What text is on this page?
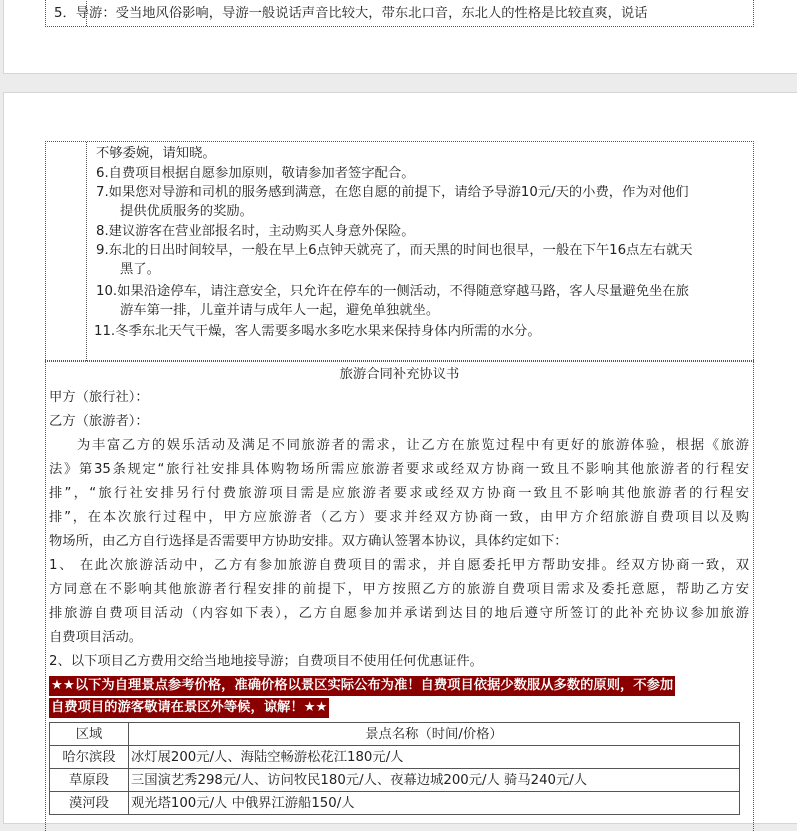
5．导游：受当地风俗影响，导游一般说话声音比较大，带东北口音，东北人的性格是比较直爽，说话
不够委婉，请知晓。
6.自费项目根据自愿参加原则，敬请参加者签字配合。
7.如果您对导游和司机的服务感到满意，在您自愿的前提下，请给予导游10元/天的小费，作为对他们
提供优质服务的奖励。
8.建议游客在营业部报名时，主动购买人身意外保险。
9.东北的日出时间较早，一般在早上6点钟天就亮了，而天黑的时间也很早，一般在下午16点左右就天
黑了。
10.如果沿途停车，请注意安全，只允许在停车的一侧活动，不得随意穿越马路，客人尽量避免坐在旅
游车第一排，儿童并请与成年人一起，避免单独就坐。
11.冬季东北天气干燥，客人需要多喝水多吃水果来保持身体内所需的水分。
旅游合同补充协议书
甲方（旅行社）：
乙方（旅游者）：
为丰富乙方的娱乐活动及满足不同旅游者的需求，让乙方在旅览过程中有更好的旅游体验，根据《旅游
法》第35条规定“旅行社安排具体购物场所需应旅游者要求或经双方协商一致且不影响其他旅游者的行程安
排”，“旅行社安排另行付费旅游项目需是应旅游者要求或经双方协商一致且不影响其他旅游者的行程安
排”，在本次旅行过程中，甲方应旅游者（乙方）要求并经双方协商一致，由甲方介绍旅游自费项目以及购
物场所，由乙方自行选择是否需要甲方协助安排。双方确认签署本协议，具体约定如下：
1、 在此次旅游活动中，乙方有参加旅游自费项目的需求，并自愿委托甲方帮助安排。经双方协商一致，双
方同意在不影响其他旅游者行程安排的前提下，甲方按照乙方的旅游自费项目需求及委托意愿，帮助乙方安
排旅游自费项目活动（内容如下表），乙方自愿参加并承诺到达目的地后遵守所签订的此补充协议参加旅游
自费项目活动。
2、以下项目乙方费用交给当地地接导游；自费项目不使用任何优惠证件。
★★以下为自理景点参考价格，准确价格以景区实际公布为准！自费项目依据少数服从多数的原则，不参加
自费项目的游客敬请在景区外等候，谅解！★★
区域	景点名称（时间/价格）
哈尔滨段	冰灯展200元/人、海陆空畅游松花江180元/人
草原段	三国演艺秀298元/人、访问牧民180元/人、夜幕边城200元/人 骑马240元/人
漠河段	观光塔100元/人 中俄界江游船150/人
